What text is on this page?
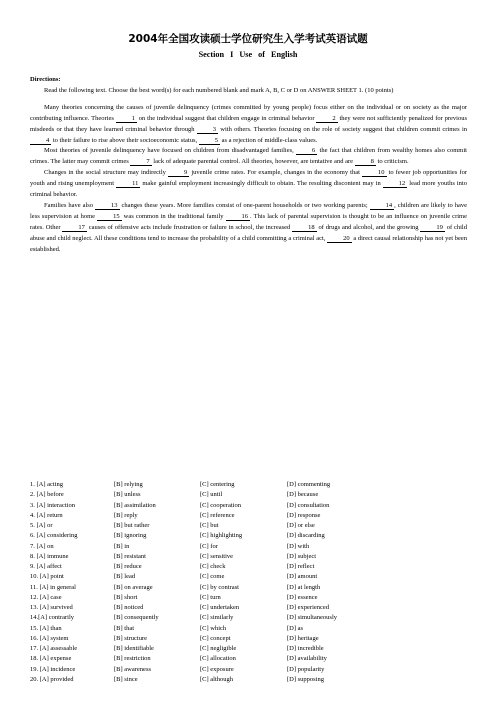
2004年全国攻读硕士学位研究生入学考试英语试题
Section I Use of English

Directions:

Read the following text. Choose the best word(s) for each numbered blank and mark A, B, C or D on ANSWER SHEET 1. (10 points)

Many theories concerning the causes of juvenile delinquency (crimes committed by young people) focus either on the individual or on society as the major contributing influence. Theories 1 on the individual suggest that children engage in criminal behavior 2 they were not sufficiently penalized for previous misdeeds or that they have learned criminal behavior through 3 with others. Theories focusing on the role of society suggest that children commit crimes in 4 to their failure to rise above their socioeconomic status, 5 as a rejection of middle-class values.

Most theories of juvenile delinquency have focused on children from disadvantaged families, 6 the fact that children from wealthy homes also commit crimes. The latter may commit crimes 7 lack of adequate parental control. All theories, however, are tentative and are 8 to criticism.

Changes in the social structure may indirectly 9 juvenile crime rates. For example, changes in the economy that 10 to fewer job opportunities for youth and rising unemployment 11 make gainful employment increasingly difficult to obtain. The resulting discontent may in 12 lead more youths into criminal behavior.

Families have also 13 changes these years. More families consist of one-parent households or two working parents; 14 , children are likely to have less supervision at home 15 was common in the traditional family 16 . This lack of parental supervision is thought to be an influence on juvenile crime rates. Other 17 causes of offensive acts include frustration or failure in school, the increased 18 of drugs and alcohol, and the growing 19 of child abuse and child neglect. All these conditions tend to increase the probability of a child committing a criminal act, 20 a direct causal relationship has not yet been established.

1. [A] acting	[B] relying	[C] centering	[D] commenting
2. [A] before	[B] unless	[C] until	[D] because
3. [A] interaction	[B] assimilation	[C] cooperation	[D] consultation
4. [A] return	[B] reply	[C] reference	[D] response
5. [A] or	[B] but rather	[C] but	[D] or else
6. [A] considering	[B] ignoring	[C] highlighting	[D] discarding
7. [A] on	[B] in	[C] for	[D] with
8. [A] immune	[B] resistant	[C] sensitive	[D] subject
9. [A] affect	[B] reduce	[C] check	[D] reflect
10. [A] point	[B] lead	[C] come	[D] amount
11. [A] in general	[B] on average	[C] by contrast	[D] at length
12. [A] case	[B] short	[C] turn	[D] essence
13. [A] survived	[B] noticed	[C] undertaken	[D] experienced
14.[A] contrarily	[B] consequently	[C] similarly	[D] simultaneously
15. [A] than	[B] that	[C] which	[D] as
16. [A] system	[B] structure	[C] concept	[D] heritage
17. [A] assessable	[B] identifiable	[C] negligible	[D] incredible
18. [A] expense	[B] restriction	[C] allocation	[D] availability
19. [A] incidence	[B] awareness	[C] exposure	[D] popularity
20. [A] provided	[B] since	[C] although	[D] supposing
